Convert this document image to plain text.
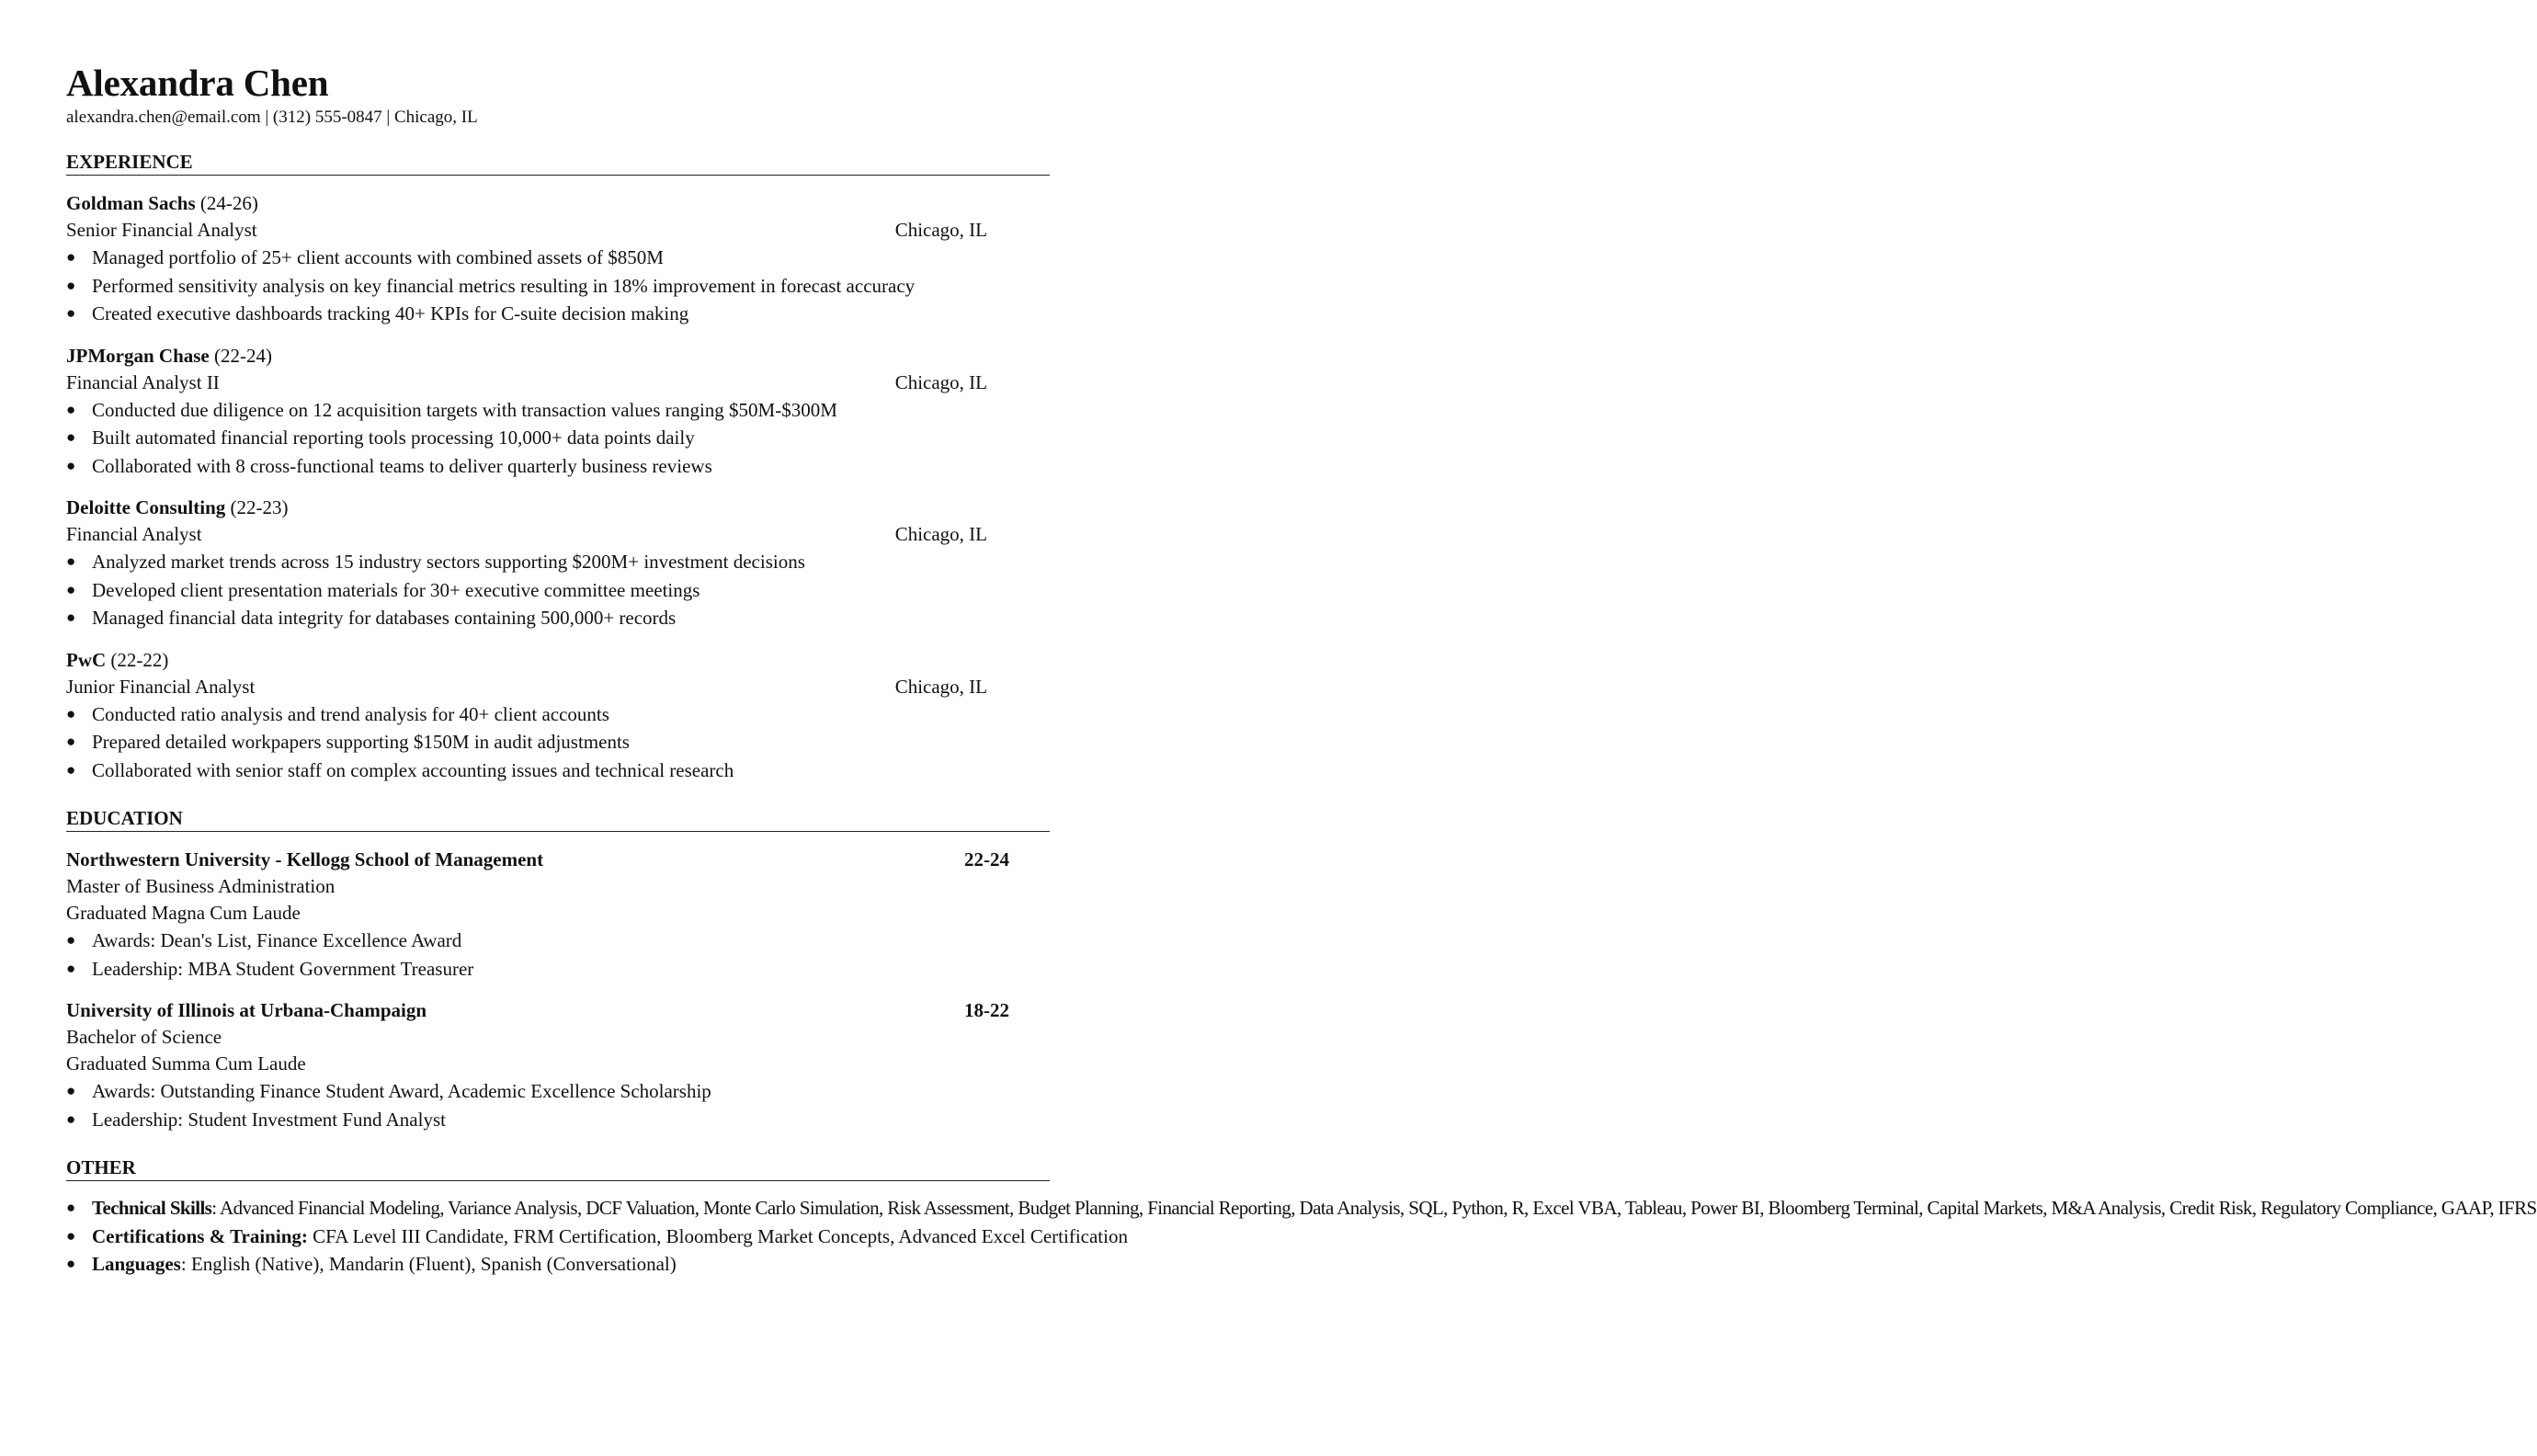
Alexandra Chen
alexandra.chen@email.com | (312) 555-0847 | Chicago, IL
EXPERIENCE
Goldman Sachs (24-26)
Senior Financial Analyst	Chicago, IL
● Managed portfolio of 25+ client accounts with combined assets of $850M
● Performed sensitivity analysis on key financial metrics resulting in 18% improvement in forecast accuracy
● Created executive dashboards tracking 40+ KPIs for C-suite decision making
JPMorgan Chase (22-24)
Financial Analyst II	Chicago, IL
● Conducted due diligence on 12 acquisition targets with transaction values ranging $50M-$300M
● Built automated financial reporting tools processing 10,000+ data points daily
● Collaborated with 8 cross-functional teams to deliver quarterly business reviews
Deloitte Consulting (22-23)
Financial Analyst	Chicago, IL
● Analyzed market trends across 15 industry sectors supporting $200M+ investment decisions
● Developed client presentation materials for 30+ executive committee meetings
● Managed financial data integrity for databases containing 500,000+ records
PwC (22-22)
Junior Financial Analyst	Chicago, IL
● Conducted ratio analysis and trend analysis for 40+ client accounts
● Prepared detailed workpapers supporting $150M in audit adjustments
● Collaborated with senior staff on complex accounting issues and technical research
EDUCATION
Northwestern University - Kellogg School of Management	22-24
Master of Business Administration
Graduated Magna Cum Laude
● Awards: Dean's List, Finance Excellence Award
● Leadership: MBA Student Government Treasurer
University of Illinois at Urbana-Champaign	18-22
Bachelor of Science
Graduated Summa Cum Laude
● Awards: Outstanding Finance Student Award, Academic Excellence Scholarship
● Leadership: Student Investment Fund Analyst
OTHER
● Technical Skills: Advanced Financial Modeling, Variance Analysis, DCF Valuation, Monte Carlo Simulation, Risk Assessment, Budget Planning, Financial Reporting, Data Analysis, SQL, Python, R, Excel VBA, Tableau, Power BI, Bloomberg Terminal, Capital Markets, M&A Analysis, Credit Risk, Regulatory Compliance, GAAP, IFRS
● Certifications & Training: CFA Level III Candidate, FRM Certification, Bloomberg Market Concepts, Advanced Excel Certification
● Languages: English (Native), Mandarin (Fluent), Spanish (Conversational)
